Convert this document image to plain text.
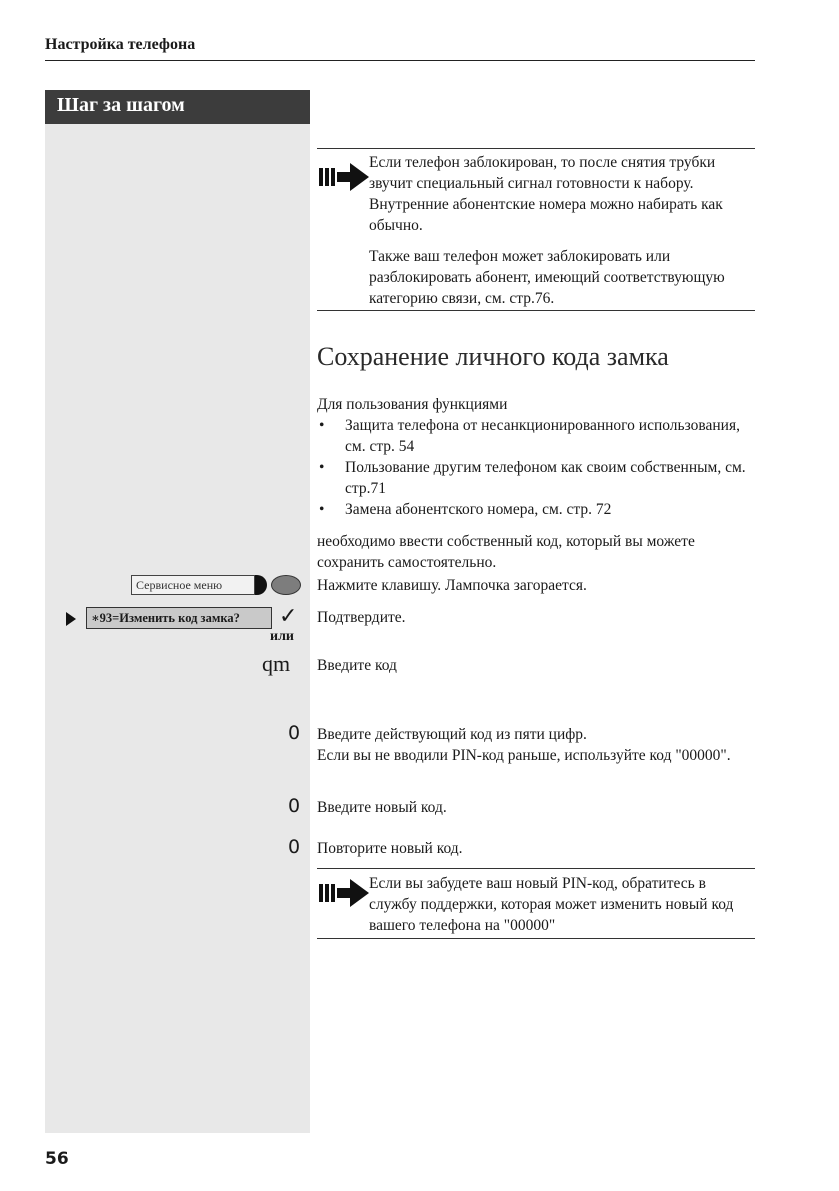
Настройка телефона
Шаг за шагом

Если телефон заблокирован, то после снятия трубки звучит специальный сигнал готовности к набору. Внутренние абонентские номера можно набирать как обычно.

Также ваш телефон может заблокировать или разблокировать абонент, имеющий соответствующую категорию связи, см. стр.76.

Сохранение личного кода замка

Для пользования функциями

• Защита телефона от несанкционированного использования, см. стр. 54
• Пользование другим телефоном как своим собственным, см. стр.71
• Замена абонентского номера, см. стр. 72

необходимо ввести собственный код, который вы можете сохранить самостоятельно.

Сервисное меню	Нажмите клавишу. Лампочка загорается.
∗93=Изменить код замка?	✓ Подтвердите.
или
qm Введите код
0 Введите действующий код из пяти цифр.

Если вы не вводили PIN-код раньше, используйте код "00000".

0 Введите новый код.
0 Повторите новый код.
Если вы забудете ваш новый PIN-код, обратитесь в службу поддержки, которая может изменить новый код вашего телефона на "00000"
56
